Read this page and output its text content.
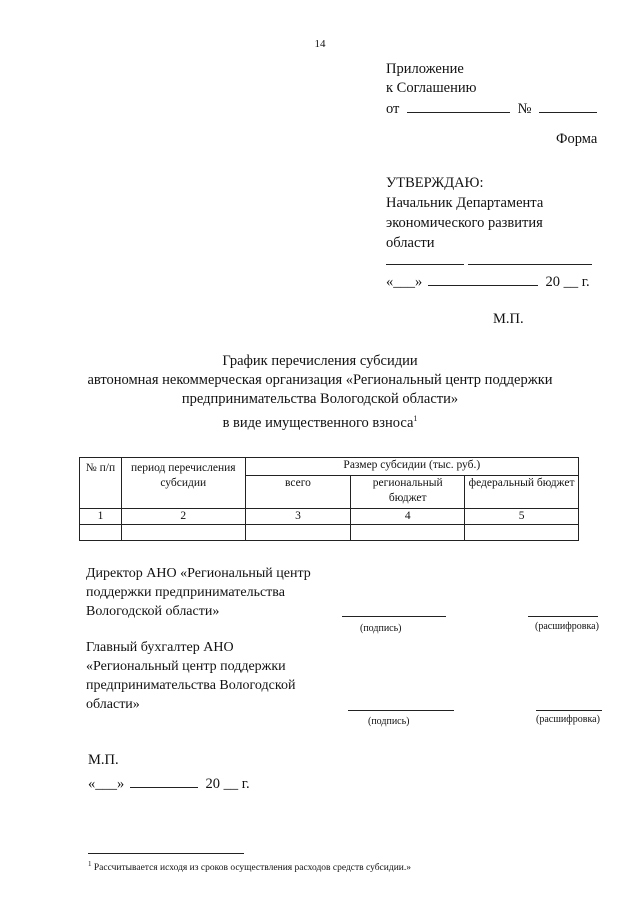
14
Приложение
к Соглашению
от	№
Форма
УТВЕРЖДАЮ:
Начальник Департамента
экономического развития
области
«___»	20 __ г.
М.П.
График перечисления субсидии
автономная некоммерческая организация «Региональный центр поддержки
предпринимательства Вологодской области»
в виде имущественного взноса$^1$
№ п/п	период перечисления субсидии	Размер субсидии (тыс. руб.)		
		всего	региональный бюджет	федеральный бюджет
1	2	3	4	5

Директор АНО «Региональный центр
поддержки предпринимательства
Вологодской области»
(подпись)	(расшифровка)
Главный бухгалтер АНО
«Региональный центр поддержки
предпринимательства Вологодской
области»
(подпись)	(расшифровка)
М.П.
«___»	20 __ г.
$^1$ Рассчитывается исходя из сроков осуществления расходов средств субсидии.»
